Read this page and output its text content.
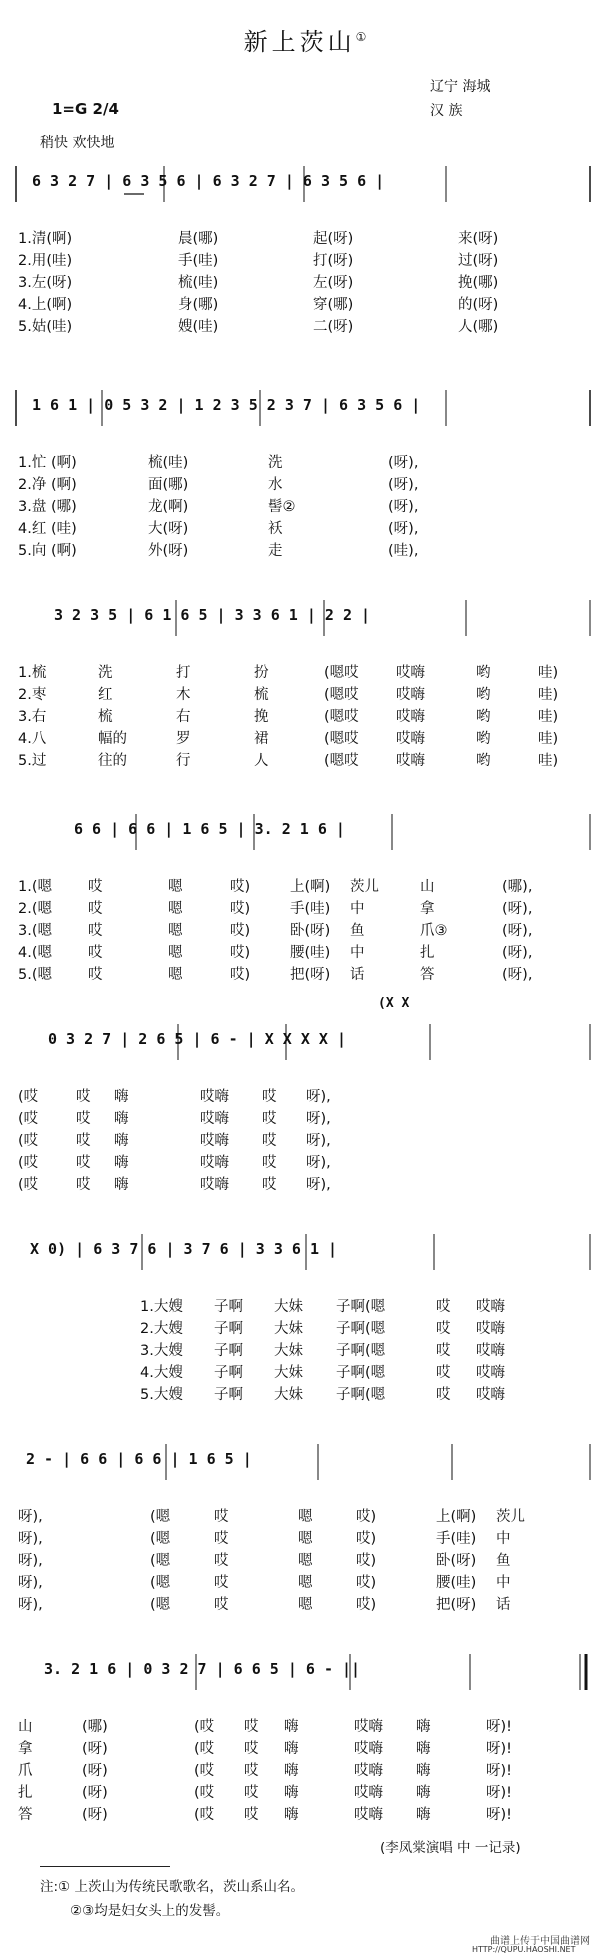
新上茨山①
辽宁 海城
汉 族
1=G 2/4
稍快 欢快地
6 3 2 7 | 6 3 5 6 | 6 3 2 7 | 6 3 5 6 |
1.清(啊)	晨(哪)	起(呀)	来(呀)
2.用(哇)	手(哇)	打(呀)	过(呀)
3.左(呀)	梳(哇)	左(呀)	挽(哪)
4.上(啊)	身(哪)	穿(哪)	的(呀)
5.姑(哇)	嫂(哇)	二(呀)	人(哪)
1 6 1 | 0 5 3 2 | 1 2 3 5 2 3 7 | 6 3 5 6 |
1.忙 (啊)	梳(哇)	洗	(呀),
2.净 (啊)	面(哪)	水	(呀),
3.盘 (哪)	龙(啊)	髻②	(呀),
4.红 (哇)	大(呀)	袄	(呀),
5.向 (啊)	外(呀)	走	(哇),
3 2 3 5 | 6 1 6 5 | 3 3 6 1 | 2 2 |
1.梳	洗	打	扮	(嗯哎	哎嗨	哟	哇)
2.枣	红	木	梳	(嗯哎	哎嗨	哟	哇)
3.右	梳	右	挽	(嗯哎	哎嗨	哟	哇)
4.八	幅的	罗	裙	(嗯哎	哎嗨	哟	哇)
5.过	往的	行	人	(嗯哎	哎嗨	哟	哇)
6 6 | 6 6 | 1 6 5 | 3. 2 1 6 |
1.(嗯	哎	嗯	哎)	上(啊)	茨儿	山	(哪),
2.(嗯	哎	嗯	哎)	手(哇)	中	拿	(呀),
3.(嗯	哎	嗯	哎)	卧(呀)	鱼	爪③	(呀),
4.(嗯	哎	嗯	哎)	腰(哇)	中	扎	(呀),
5.(嗯	哎	嗯	哎)	把(呀)	话	答	(呀),
(X X
0 3 2 7 | 2 6 5 | 6 - | X X X X |
(哎	哎	嗨	哎嗨	哎	呀),
(哎	哎	嗨	哎嗨	哎	呀),
(哎	哎	嗨	哎嗨	哎	呀),
(哎	哎	嗨	哎嗨	哎	呀),
(哎	哎	嗨	哎嗨	哎	呀),
X 0) | 6 3 7 6 | 3 7 6 | 3 3 6 1 |
1.大嫂	子啊	大妹	子啊(嗯	哎	哎嗨
2.大嫂	子啊	大妹	子啊(嗯	哎	哎嗨
3.大嫂	子啊	大妹	子啊(嗯	哎	哎嗨
4.大嫂	子啊	大妹	子啊(嗯	哎	哎嗨
5.大嫂	子啊	大妹	子啊(嗯	哎	哎嗨
2 - | 6 6 | 6 6 | 1 6 5 |
呀),	(嗯	哎	嗯	哎)	上(啊)	茨儿
呀),	(嗯	哎	嗯	哎)	手(哇)	中
呀),	(嗯	哎	嗯	哎)	卧(呀)	鱼
呀),	(嗯	哎	嗯	哎)	腰(哇)	中
呀),	(嗯	哎	嗯	哎)	把(呀)	话
3. 2 1 6 | 0 3 2 7 | 6 6 5 | 6 - ||
山	(哪)	(哎	哎	嗨	哎嗨	嗨	呀)!
拿	(呀)	(哎	哎	嗨	哎嗨	嗨	呀)!
爪	(呀)	(哎	哎	嗨	哎嗨	嗨	呀)!
扎	(呀)	(哎	哎	嗨	哎嗨	嗨	呀)!
答	(呀)	(哎	哎	嗨	哎嗨	嗨	呀)!
(李凤棠演唱 中 一记录)
注:① 上茨山为传统民歌歌名，茨山系山名。
②③均是妇女头上的发髻。
曲谱上传于中国曲谱网
HTTP://QUPU.HAOSHI.NET
